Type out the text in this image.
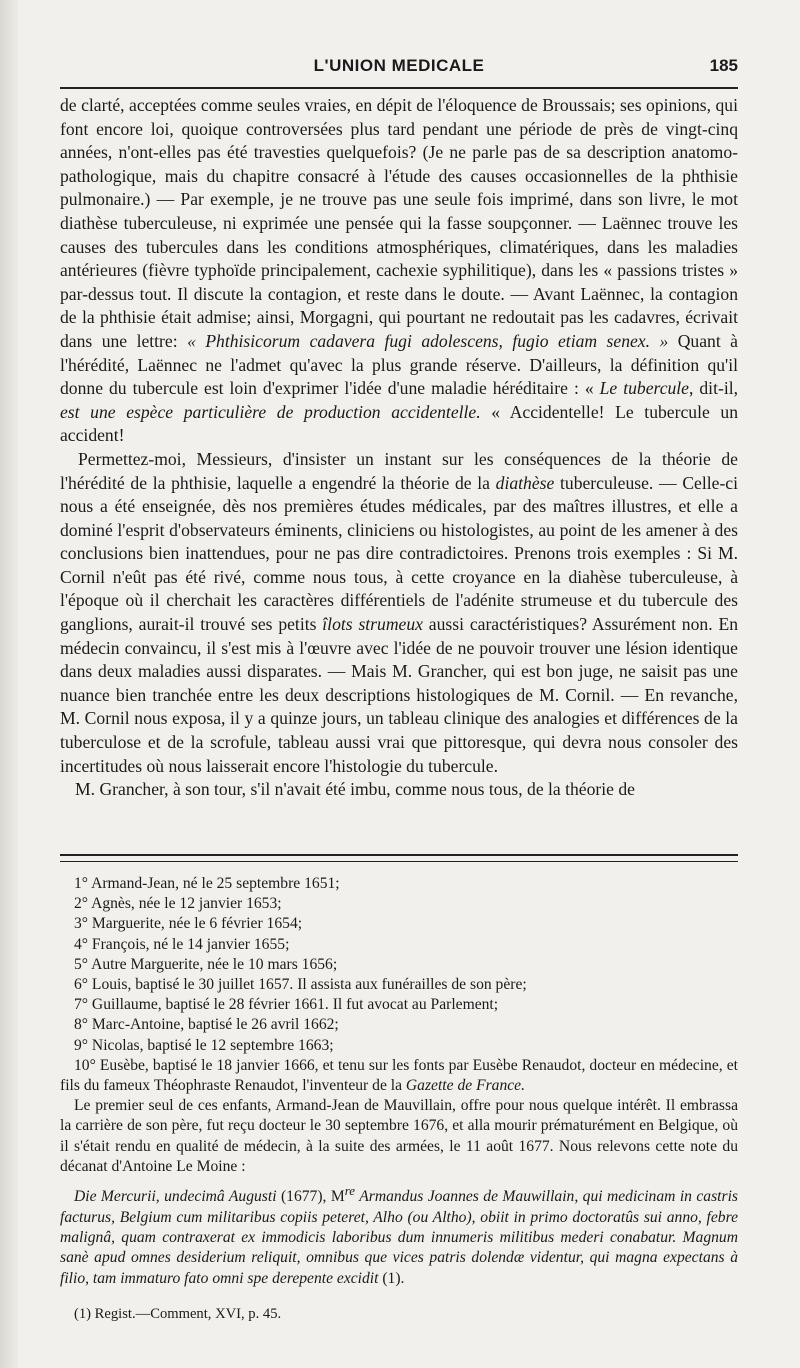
L'UNION MEDICALE	185

de clarté, acceptées comme seules vraies, en dépit de l'éloquence de Broussais; ses opinions, qui font encore loi, quoique controversées plus tard pendant une période de près de vingt-cinq années, n'ont-elles pas été travesties quelquefois? (Je ne parle pas de sa description anatomo-pathologique, mais du chapitre consacré à l'étude des causes occasionnelles de la phthisie pulmonaire.) — Par exemple, je ne trouve pas une seule fois imprimé, dans son livre, le mot diathèse tuberculeuse, ni exprimée une pensée qui la fasse soupçonner. — Laënnec trouve les causes des tubercules dans les conditions atmosphériques, climatériques, dans les maladies antérieures (fièvre typhoïde principalement, cachexie syphilitique), dans les « passions tristes » par-dessus tout. Il discute la contagion, et reste dans le doute. — Avant Laënnec, la contagion de la phthisie était admise; ainsi, Morgagni, qui pourtant ne redoutait pas les cadavres, écrivait dans une lettre: « Phthisicorum cadavera fugi adolescens, fugio etiam senex. » Quant à l'hérédité, Laënnec ne l'admet qu'avec la plus grande réserve. D'ailleurs, la définition qu'il donne du tubercule est loin d'exprimer l'idée d'une maladie héréditaire : « Le tubercule, dit-il, est une espèce particulière de production accidentelle. « Accidentelle! Le tubercule un accident!

Permettez-moi, Messieurs, d'insister un instant sur les conséquences de la théorie de l'hérédité de la phthisie, laquelle a engendré la théorie de la diathèse tuberculeuse. — Celle-ci nous a été enseignée, dès nos premières études médicales, par des maîtres illustres, et elle a dominé l'esprit d'observateurs éminents, cliniciens ou histologistes, au point de les amener à des conclusions bien inattendues, pour ne pas dire contradictoires. Prenons trois exemples : Si M. Cornil n'eût pas été rivé, comme nous tous, à cette croyance en la diahèse tuberculeuse, à l'époque où il cherchait les caractères différentiels de l'adénite strumeuse et du tubercule des ganglions, aurait-il trouvé ses petits îlots strumeux aussi caractéristiques? Assurément non. En médecin convaincu, il s'est mis à l'œuvre avec l'idée de ne pouvoir trouver une lésion identique dans deux maladies aussi disparates. — Mais M. Grancher, qui est bon juge, ne saisit pas une nuance bien tranchée entre les deux descriptions histologiques de M. Cornil. — En revanche, M. Cornil nous exposa, il y a quinze jours, un tableau clinique des analogies et différences de la tuberculose et de la scrofule, tableau aussi vrai que pittoresque, qui devra nous consoler des incertitudes où nous laisserait encore l'histologie du tubercule.

M. Grancher, à son tour, s'il n'avait été imbu, comme nous tous, de la théorie de

1° Armand-Jean, né le 25 septembre 1651;
2° Agnès, née le 12 janvier 1653;
3° Marguerite, née le 6 février 1654;
4° François, né le 14 janvier 1655;
5° Autre Marguerite, née le 10 mars 1656;
6° Louis, baptisé le 30 juillet 1657. Il assista aux funérailles de son père;
7° Guillaume, baptisé le 28 février 1661. Il fut avocat au Parlement;
8° Marc-Antoine, baptisé le 26 avril 1662;
9° Nicolas, baptisé le 12 septembre 1663;

10° Eusèbe, baptisé le 18 janvier 1666, et tenu sur les fonts par Eusèbe Renaudot, docteur en médecine, et fils du fameux Théophraste Renaudot, l'inventeur de la Gazette de France.

Le premier seul de ces enfants, Armand-Jean de Mauvillain, offre pour nous quelque intérêt. Il embrassa la carrière de son père, fut reçu docteur le 30 septembre 1676, et alla mourir prématurément en Belgique, où il s'était rendu en qualité de médecin, à la suite des armées, le 11 août 1677. Nous relevons cette note du décanat d'Antoine Le Moine :

Die Mercurii, undecimâ Augusti (1677), Mre Armandus Joannes de Mauwillain, qui medicinam in castris facturus, Belgium cum militaribus copiis peteret, Alho (ou Altho), obiit in primo doctoratûs sui anno, febre malignâ, quam contraxerat ex immodicis laboribus dum innumeris militibus mederi conabatur. Magnum sanè apud omnes desiderium reliquit, omnibus que vices patris dolendæ videntur, qui magna expectans à filio, tam immaturo fato omni spe derepente excidit (1).
(1) Regist.—Comment, XVI, p. 45.
